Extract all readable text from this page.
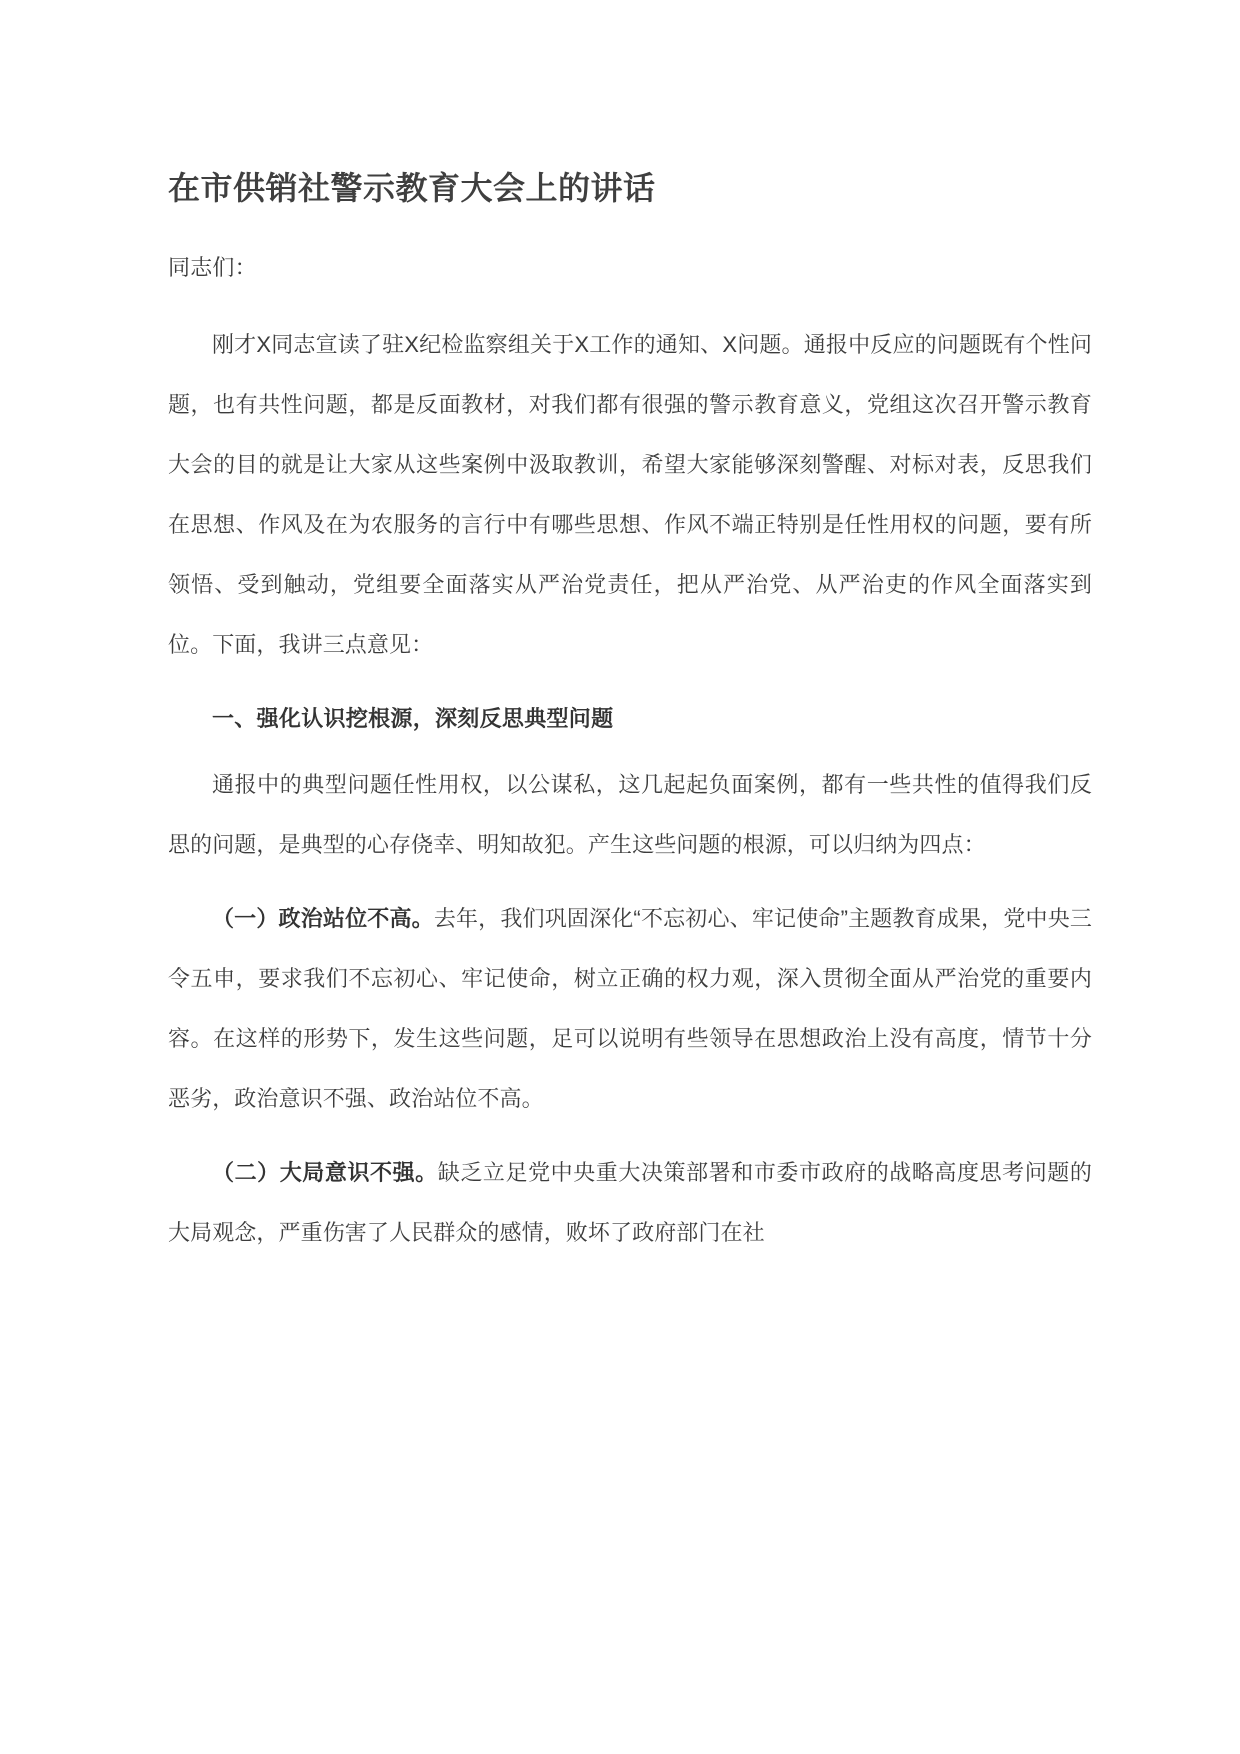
在市供销社警示教育大会上的讲话

同志们：

刚才X同志宣读了驻X纪检监察组关于X工作的通知、X问题。通报中反应的问题既有个性问题，也有共性问题，都是反面教材，对我们都有很强的警示教育意义，党组这次召开警示教育大会的目的就是让大家从这些案例中汲取教训，希望大家能够深刻警醒、对标对表，反思我们在思想、作风及在为农服务的言行中有哪些思想、作风不端正特别是任性用权的问题，要有所领悟、受到触动，党组要全面落实从严治党责任，把从严治党、从严治吏的作风全面落实到位。下面，我讲三点意见：

一、强化认识挖根源，深刻反思典型问题

通报中的典型问题任性用权，以公谋私，这几起起负面案例，都有一些共性的值得我们反思的问题，是典型的心存侥幸、明知故犯。产生这些问题的根源，可以归纳为四点：

（一）政治站位不高。去年，我们巩固深化“不忘初心、牢记使命”主题教育成果，党中央三令五申，要求我们不忘初心、牢记使命，树立正确的权力观，深入贯彻全面从严治党的重要内容。在这样的形势下，发生这些问题，足可以说明有些领导在思想政治上没有高度，情节十分恶劣，政治意识不强、政治站位不高。

（二）大局意识不强。缺乏立足党中央重大决策部署和市委市政府的战略高度思考问题的大局观念，严重伤害了人民群众的感情，败坏了政府部门在社
